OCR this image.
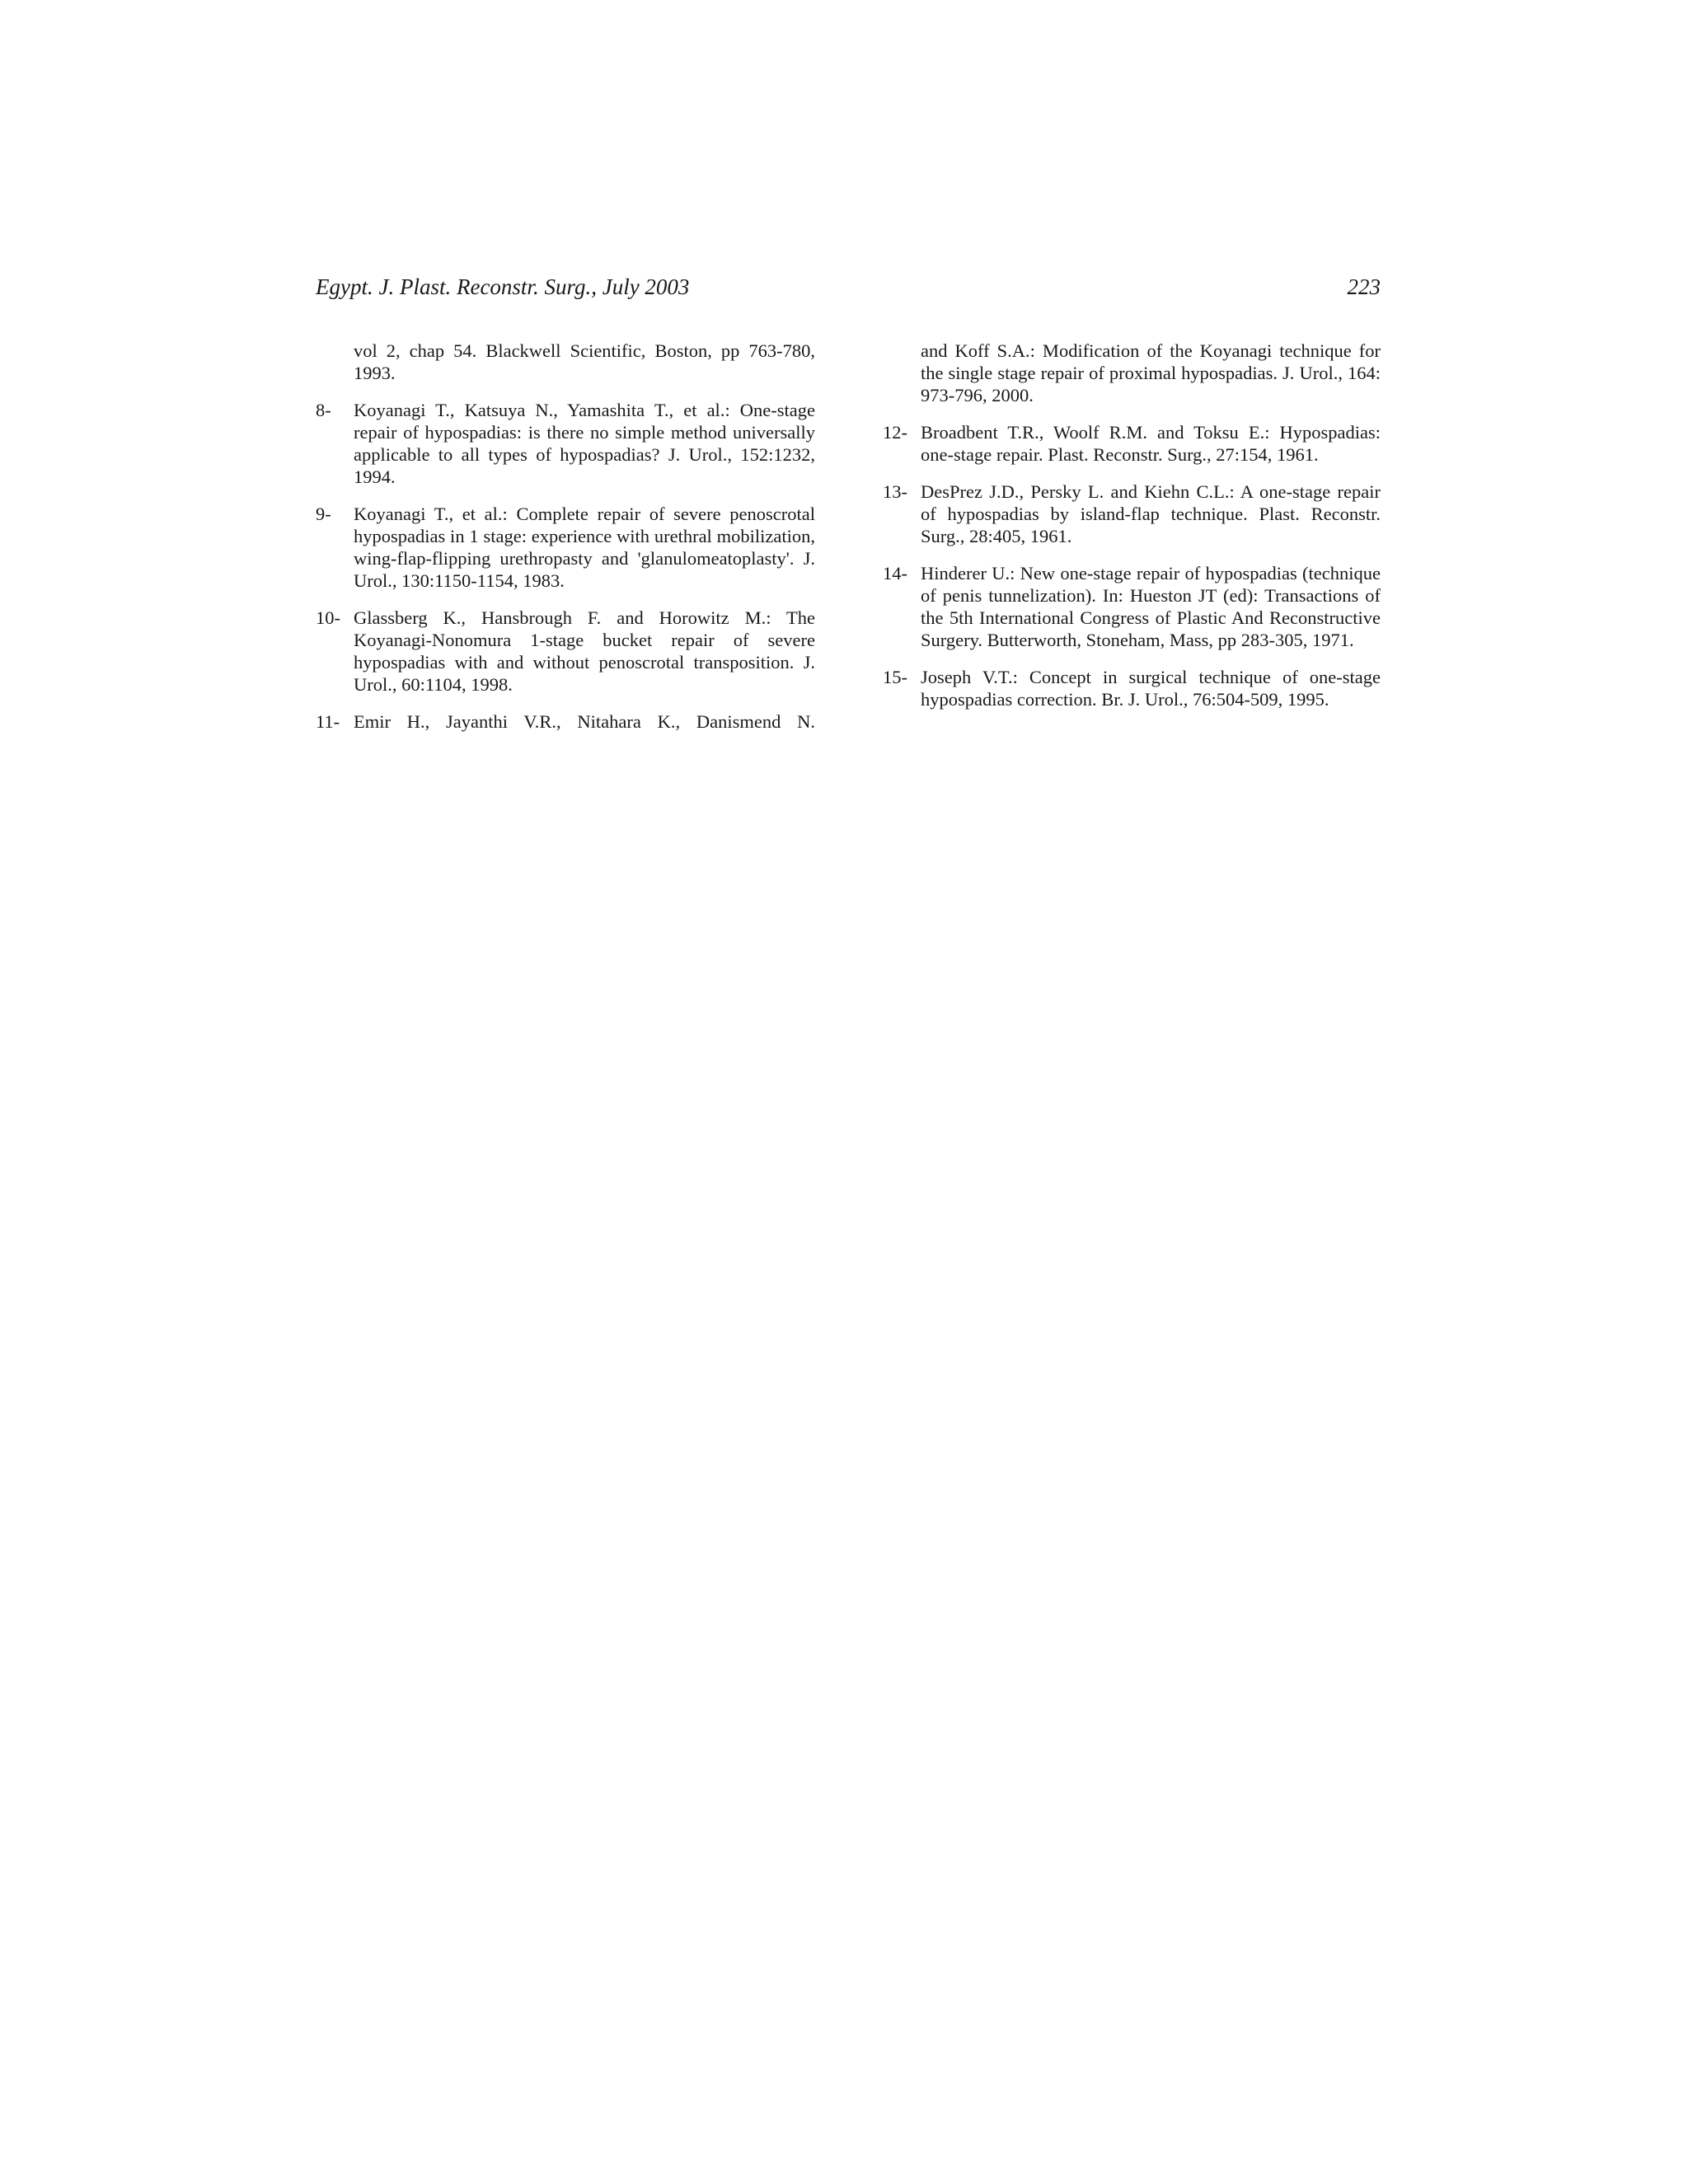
Egypt. J. Plast. Reconstr. Surg., July 2003	223
vol 2, chap 54. Blackwell Scientific, Boston, pp 763-780, 1993.
8- Koyanagi T., Katsuya N., Yamashita T., et al.: One-stage repair of hypospadias: is there no simple method universally applicable to all types of hypospadias? J. Urol., 152:1232, 1994.
9- Koyanagi T., et al.: Complete repair of severe penoscrotal hypospadias in 1 stage: experience with urethral mobilization, wing-flap-flipping urethropasty and 'glanulomeatoplasty'. J. Urol., 130:1150-1154, 1983.
10- Glassberg K., Hansbrough F. and Horowitz M.: The Koyanagi-Nonomura 1-stage bucket repair of severe hypospadias with and without penoscrotal transposition. J. Urol., 60:1104, 1998.
11- Emir H., Jayanthi V.R., Nitahara K., Danismend N.
and Koff S.A.: Modification of the Koyanagi technique for the single stage repair of proximal hypospadias. J. Urol., 164: 973-796, 2000.
12- Broadbent T.R., Woolf R.M. and Toksu E.: Hypospadias: one-stage repair. Plast. Reconstr. Surg., 27:154, 1961.
13- DesPrez J.D., Persky L. and Kiehn C.L.: A one-stage repair of hypospadias by island-flap technique. Plast. Reconstr. Surg., 28:405, 1961.
14- Hinderer U.: New one-stage repair of hypospadias (technique of penis tunnelization). In: Hueston JT (ed): Transactions of the 5th International Congress of Plastic And Reconstructive Surgery. Butterworth, Stoneham, Mass, pp 283-305, 1971.
15- Joseph V.T.: Concept in surgical technique of one-stage hypospadias correction. Br. J. Urol., 76:504-509, 1995.
